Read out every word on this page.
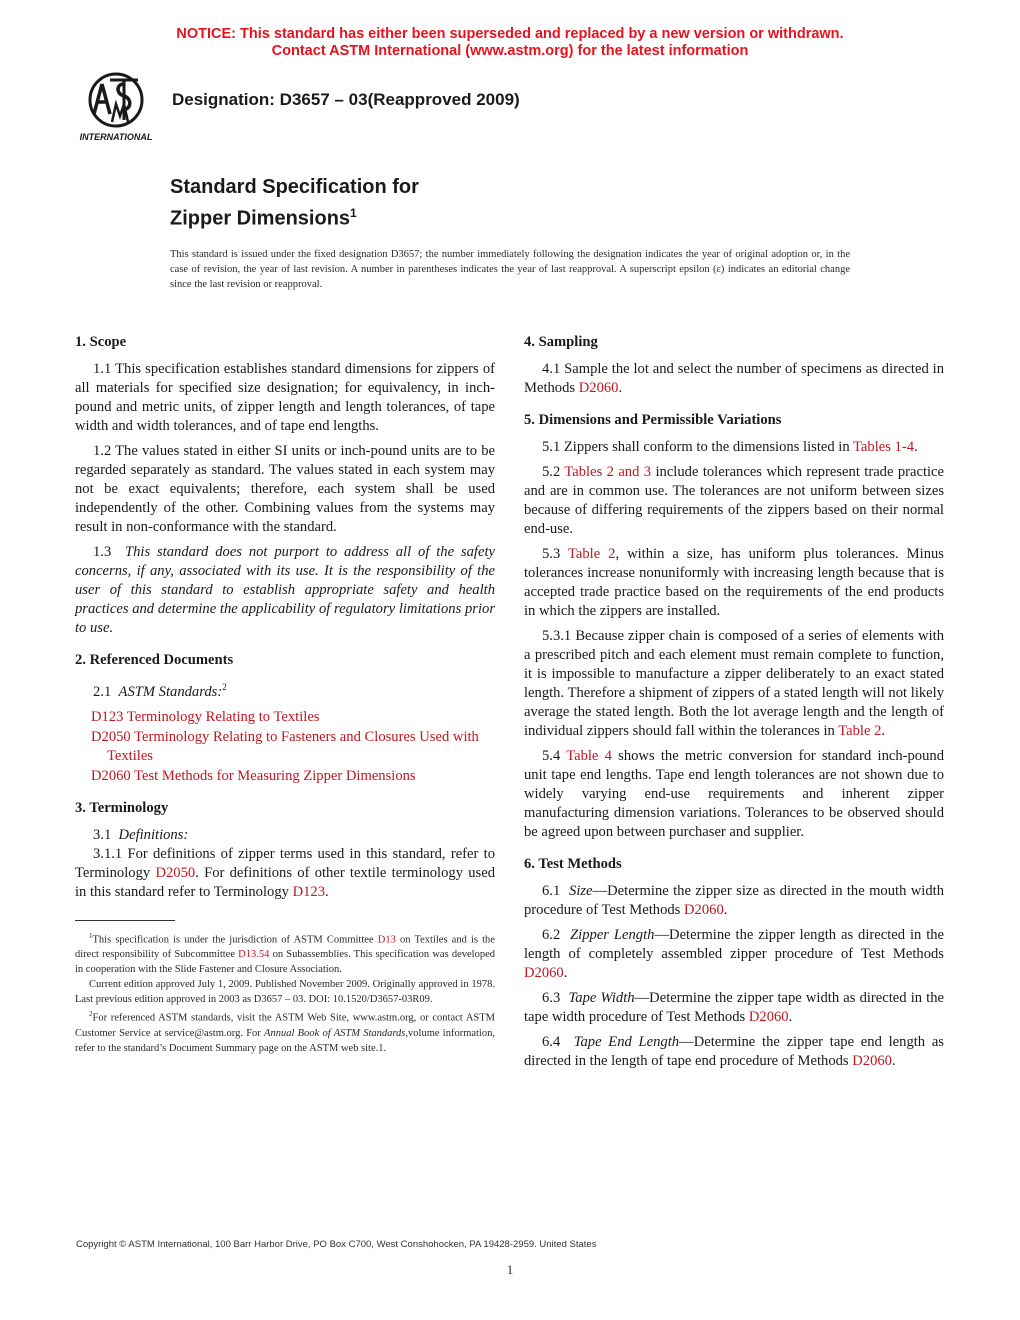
NOTICE: This standard has either been superseded and replaced by a new version or withdrawn.
Contact ASTM International (www.astm.org) for the latest information
INTERNATIONAL
Designation: D3657 – 03(Reapproved 2009)
Standard Specification for
Zipper Dimensions$^1$
This standard is issued under the fixed designation D3657; the number immediately following the designation indicates the year of original adoption or, in the case of revision, the year of last revision. A number in parentheses indicates the year of last reapproval. A superscript epsilon (ε) indicates an editorial change since the last revision or reapproval.
1. Scope

1.1 This specification establishes standard dimensions for zippers of all materials for specified size designation; for equivalency, in inch-pound and metric units, of zipper length and length tolerances, of tape width and width tolerances, and of tape end lengths.

1.2 The values stated in either SI units or inch-pound units are to be regarded separately as standard. The values stated in each system may not be exact equivalents; therefore, each system shall be used independently of the other. Combining values from the systems may result in non-conformance with the standard.

1.3 This standard does not purport to address all of the safety concerns, if any, associated with its use. It is the responsibility of the user of this standard to establish appropriate safety and health practices and determine the applicability of regulatory limitations prior to use.

2. Referenced Documents

2.1 ASTM Standards:$^2$

D123 Terminology Relating to Textiles
D2050 Terminology Relating to Fasteners and Closures Used with Textiles
D2060 Test Methods for Measuring Zipper Dimensions
3. Terminology

3.1 Definitions:

3.1.1 For definitions of zipper terms used in this standard, refer to Terminology D2050. For definitions of other textile terminology used in this standard refer to Terminology D123.

$^1$This specification is under the jurisdiction of ASTM Committee D13 on Textiles and is the direct responsibility of Subcommittee D13.54 on Subassemblies. This specification was developed in cooperation with the Slide Fastener and Closure Association.

Current edition approved July 1, 2009. Published November 2009. Originally approved in 1978. Last previous edition approved in 2003 as D3657 – 03. DOI: 10.1520/D3657-03R09.

$^2$For referenced ASTM standards, visit the ASTM Web Site, www.astm.org, or contact ASTM Customer Service at service@astm.org. For Annual Book of ASTM Standards,volume information, refer to the standard’s Document Summary page on the ASTM web site.1.

4. Sampling

4.1 Sample the lot and select the number of specimens as directed in Methods D2060.

5. Dimensions and Permissible Variations

5.1 Zippers shall conform to the dimensions listed in Tables 1-4.

5.2 Tables 2 and 3 include tolerances which represent trade practice and are in common use. The tolerances are not uniform between sizes because of differing requirements of the zippers based on their normal end-use.

5.3 Table 2, within a size, has uniform plus tolerances. Minus tolerances increase nonuniformly with increasing length because that is accepted trade practice based on the requirements of the end products in which the zippers are installed.

5.3.1 Because zipper chain is composed of a series of elements with a prescribed pitch and each element must remain complete to function, it is impossible to manufacture a zipper deliberately to an exact stated length. Therefore a shipment of zippers of a stated length will not likely average the stated length. Both the lot average length and the length of individual zippers should fall within the tolerances in Table 2.

5.4 Table 4 shows the metric conversion for standard inch-pound unit tape end lengths. Tape end length tolerances are not shown due to widely varying end-use requirements and inherent zipper manufacturing dimension variations. Tolerances to be observed should be agreed upon between purchaser and supplier.

6. Test Methods

6.1 Size—Determine the zipper size as directed in the mouth width procedure of Test Methods D2060.

6.2 Zipper Length—Determine the zipper length as directed in the length of completely assembled zipper procedure of Test Methods D2060.

6.3 Tape Width—Determine the zipper tape width as directed in the tape width procedure of Test Methods D2060.

6.4 Tape End Length—Determine the zipper tape end length as directed in the length of tape end procedure of Methods D2060.

Copyright © ASTM International, 100 Barr Harbor Drive, PO Box C700, West Conshohocken, PA 19428-2959. United States
1
